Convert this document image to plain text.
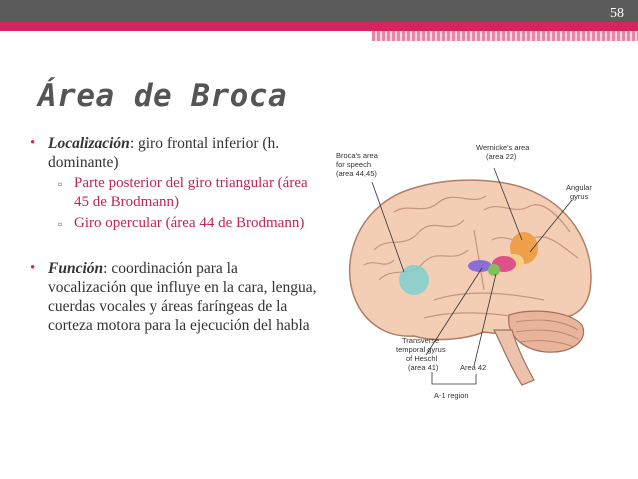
58
Área de Broca
• Localización: giro frontal inferior (h. dominante)
▫ Parte posterior del giro triangular (área 45 de Brodmann)
▫ Giro opercular (área 44 de Brodmann)
• Función: coordinación para la vocalización que influye en la cara, lengua, cuerdas vocales y áreas faríngeas de la corteza motora para la ejecución del habla
Broca's area
for speech
(area 44,45)
Wernicke's area
(area 22)
Angular
gyrus
Transverse
temporal gyrus
of Heschl
(area 41)	Area 42
A-1 region
